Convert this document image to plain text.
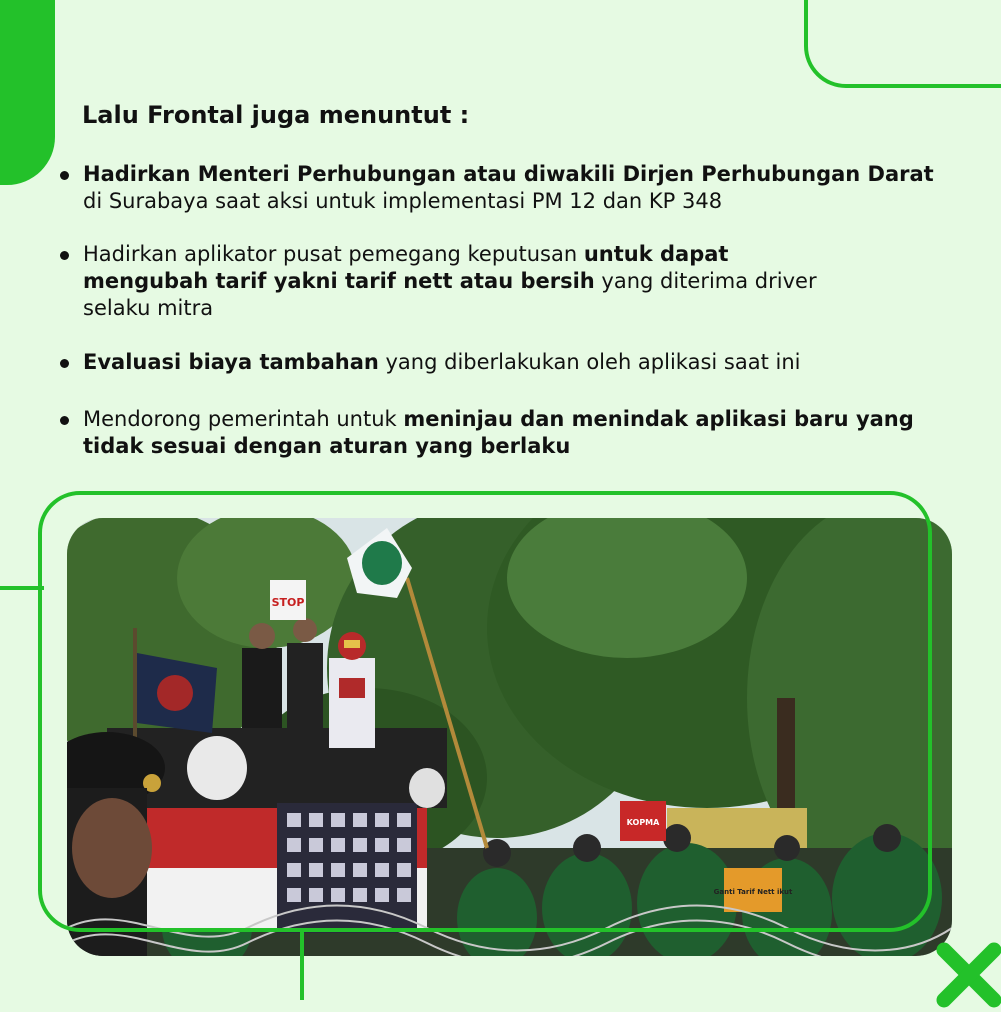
Lalu Frontal juga menuntut :
Hadirkan Menteri Perhubungan atau diwakili Dirjen Perhubungan Darat di Surabaya saat aksi untuk implementasi PM 12 dan KP 348
Hadirkan aplikator pusat pemegang keputusan untuk dapat mengubah tarif yakni tarif nett atau bersih yang diterima driver selaku mitra
Evaluasi biaya tambahan yang diberlakukan oleh aplikasi saat ini
Mendorong pemerintah untuk meninjau dan menindak aplikasi baru yang tidak sesuai dengan aturan yang berlaku
STOP
KOPMA
Ganti Tarif Nett ikut
